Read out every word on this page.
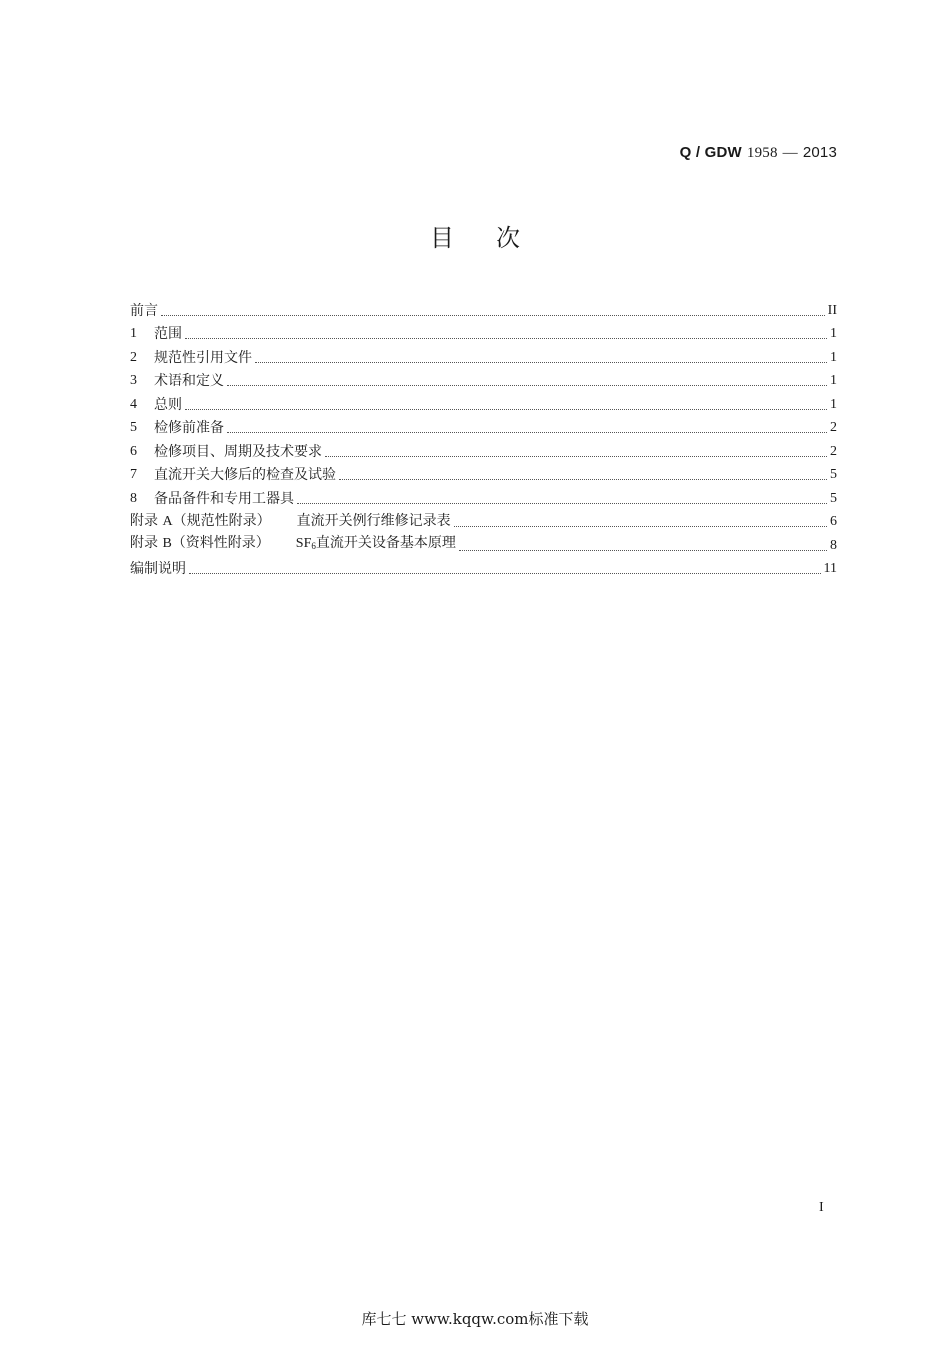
Q / GDW 1958 — 2013
目次
前言	II
1	范围	1
2	规范性引用文件	1
3	术语和定义	1
4	总则	1
5	检修前准备	2
6	检修项目、周期及技术要求	2
7	直流开关大修后的检查及试验	5
8	备品备件和专用工器具	5
附录 A（规范性附录） 直流开关例行维修记录表	6
附录 B（资料性附录） $SF_6$直流开关设备基本原理	8
编制说明	11
I
库七七 www.kqqw.com标准下载
